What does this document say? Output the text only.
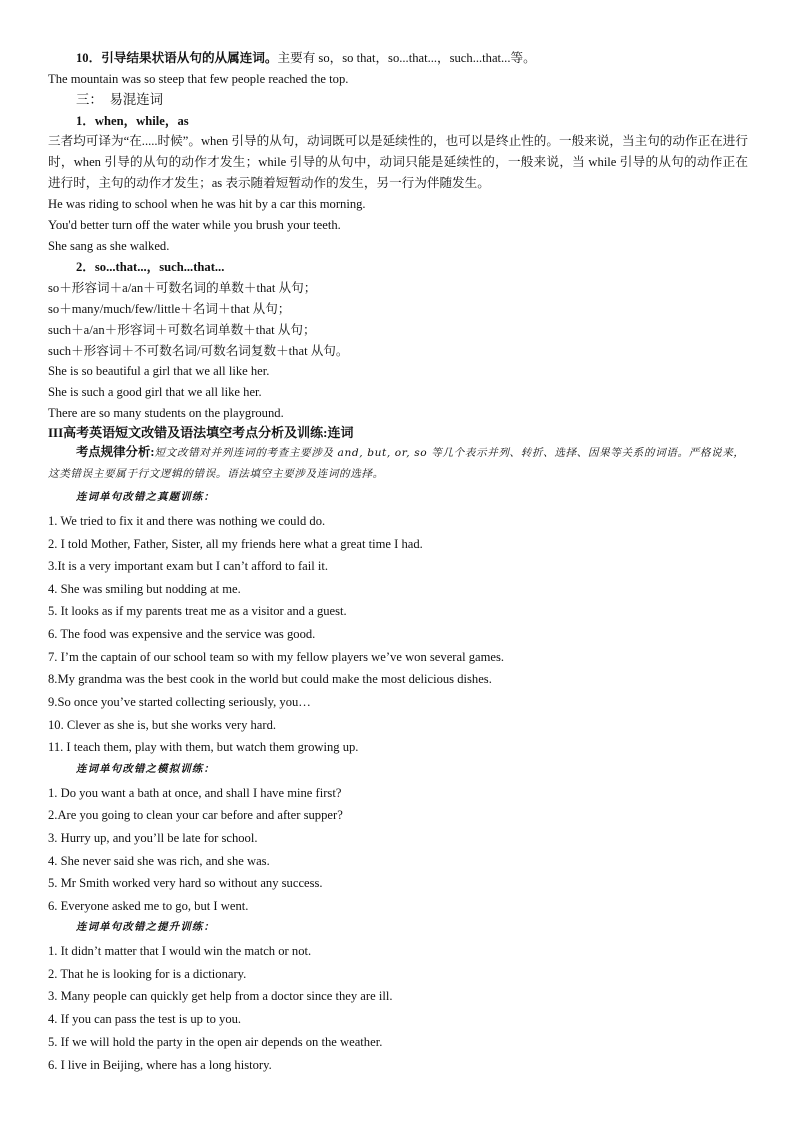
10．引导结果状语从句的从属连词。主要有 so，so that，so...that...，such...that...等。
The mountain was so steep that few people reached the top.
三：　易混连词
1．when，while，as
三者均可译为“在.....时候”。when 引导的从句，动词既可以是延续性的，也可以是终止性的。一般来说，当主句的动作正在进行时，when 引导的从句的动作才发生；while 引导的从句中，动词只能是延续性的，一般来说，当 while 引导的从句的动作正在进行时，主句的动作才发生；as 表示随着短暂动作的发生，另一行为伴随发生。
He was riding to school when he was hit by a car this morning.
You'd better turn off the water while you brush your teeth.
She sang as she walked.
2．so...that...，such...that...
so＋形容词＋a/an＋可数名词的单数＋that 从句；
so＋many/much/few/little＋名词＋that 从句；
such＋a/an＋形容词＋可数名词单数＋that 从句；
such＋形容词＋不可数名词/可数名词复数＋that 从句。
She is so beautiful a girl that we all like her.
She is such a good girl that we all like her.
There are so many students on the playground.
III高考英语短文改错及语法填空考点分析及训练:连词
考点规律分析:短文改错对并列连词的考查主要涉及 and, but, or, so 等几个表示并列、转折、选择、因果等关系的词语。严格说来，这类错误主要属于行文逻辑的错误。语法填空主要涉及连词的选择。
连词单句改错之真题训练：
1. We tried to fix it and there was nothing we could do.
2. I told Mother, Father, Sister, all my friends here what a great time I had.
3.It is a very important exam but I can’t afford to fail it.
4. She was smiling but nodding at me.
5. It looks as if my parents treat me as a visitor and a guest.
6. The food was expensive and the service was good.
7. I’m the captain of our school team so with my fellow players we’ve won several games.
8.My grandma was the best cook in the world but could make the most delicious dishes.
9.So once you’ve started collecting seriously, you…
10. Clever as she is, but she works very hard.
11. I teach them, play with them, but watch them growing up.
连词单句改错之模拟训练：
1. Do you want a bath at once, and shall I have mine first?
2.Are you going to clean your car before and after supper?
3. Hurry up, and you’ll be late for school.
4. She never said she was rich, and she was.
5. Mr Smith worked very hard so without any success.
6. Everyone asked me to go, but I went.
连词单句改错之提升训练：
1. It didn’t matter that I would win the match or not.
2. That he is looking for is a dictionary.
3. Many people can quickly get help from a doctor since they are ill.
4. If you can pass the test is up to you.
5. If we will hold the party in the open air depends on the weather.
6. I live in Beijing, where has a long history.
